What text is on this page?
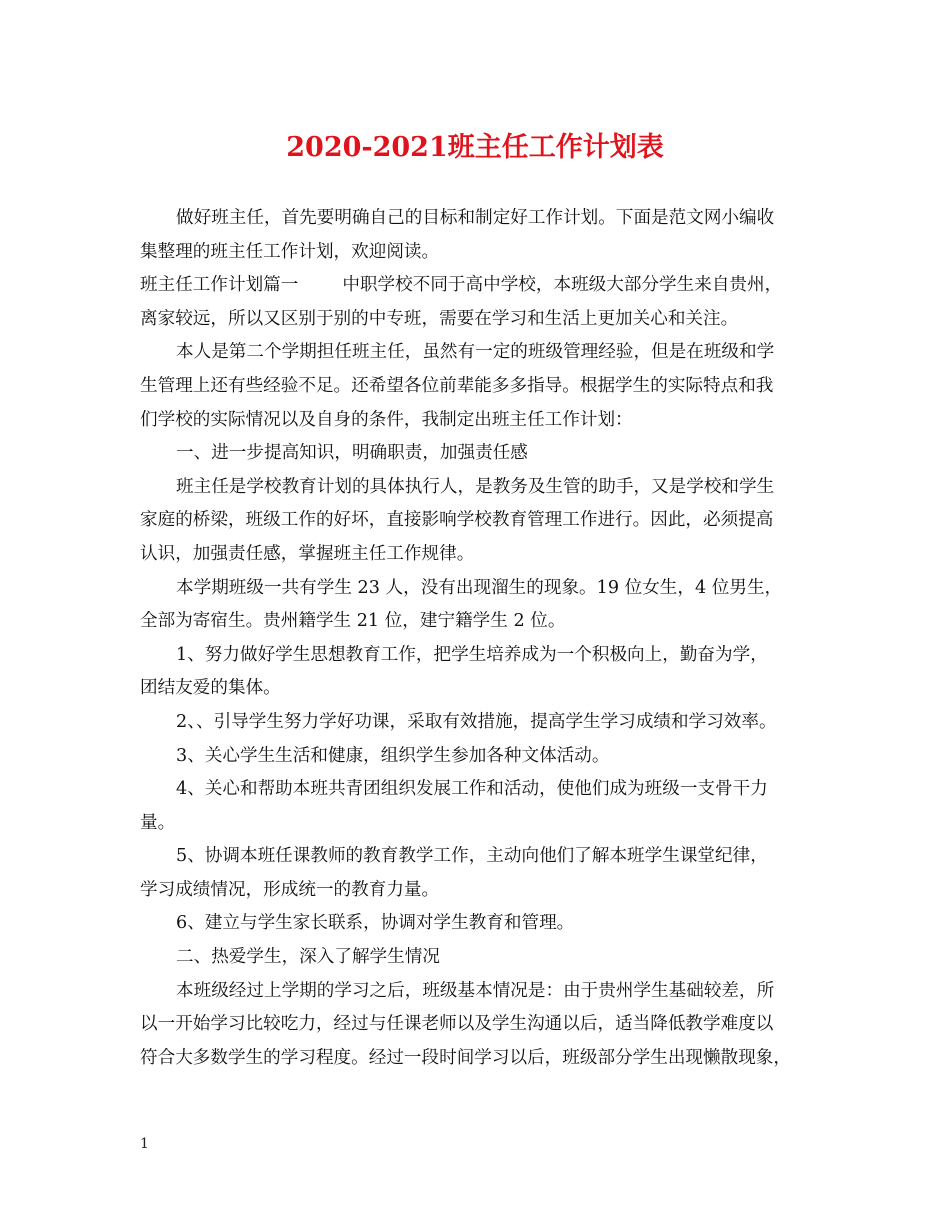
2020-2021班主任工作计划表
做好班主任，首先要明确自己的目标和制定好工作计划。下面是范文网小编收
集整理的班主任工作计划，欢迎阅读。
班主任工作计划篇一	中职学校不同于高中学校，本班级大部分学生来自贵州，
离家较远，所以又区别于别的中专班，需要在学习和生活上更加关心和关注。
本人是第二个学期担任班主任，虽然有一定的班级管理经验，但是在班级和学
生管理上还有些经验不足。还希望各位前辈能多多指导。根据学生的实际特点和我
们学校的实际情况以及自身的条件，我制定出班主任工作计划：
一、进一步提高知识，明确职责，加强责任感
班主任是学校教育计划的具体执行人，是教务及生管的助手，又是学校和学生
家庭的桥梁，班级工作的好坏，直接影响学校教育管理工作进行。因此，必须提高
认识，加强责任感，掌握班主任工作规律。
本学期班级一共有学生 23 人，没有出现溜生的现象。19 位女生，4 位男生，
全部为寄宿生。贵州籍学生 21 位，建宁籍学生 2 位。
1、努力做好学生思想教育工作，把学生培养成为一个积极向上，勤奋为学，
团结友爱的集体。
2、、引导学生努力学好功课，采取有效措施，提高学生学习成绩和学习效率。
3、关心学生生活和健康，组织学生参加各种文体活动。
4、关心和帮助本班共青团组织发展工作和活动，使他们成为班级一支骨干力
量。
5、协调本班任课教师的教育教学工作，主动向他们了解本班学生课堂纪律，
学习成绩情况，形成统一的教育力量。
6、建立与学生家长联系，协调对学生教育和管理。
二、热爱学生，深入了解学生情况
本班级经过上学期的学习之后，班级基本情况是：由于贵州学生基础较差，所
以一开始学习比较吃力，经过与任课老师以及学生沟通以后，适当降低教学难度以
符合大多数学生的学习程度。经过一段时间学习以后，班级部分学生出现懒散现象，
1
